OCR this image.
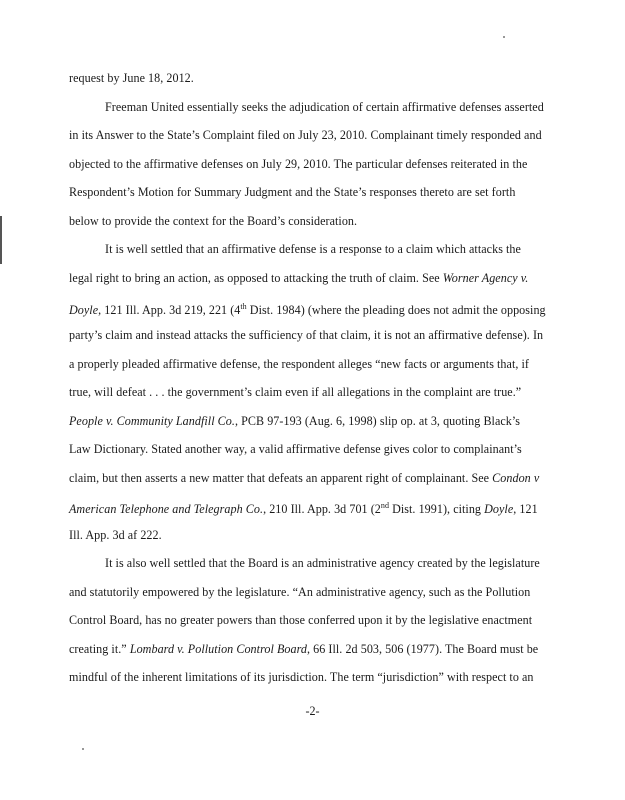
request by June 18, 2012.
Freeman United essentially seeks the adjudication of certain affirmative defenses asserted
in its Answer to the State’s Complaint filed on July 23, 2010. Complainant timely responded and
objected to the affirmative defenses on July 29, 2010. The particular defenses reiterated in the
Respondent’s Motion for Summary Judgment and the State’s responses thereto are set forth
below to provide the context for the Board’s consideration.
It is well settled that an affirmative defense is a response to a claim which attacks the
legal right to bring an action, as opposed to attacking the truth of claim. See Worner Agency v.
Doyle, 121 Ill. App. 3d 219, 221 (4th Dist. 1984) (where the pleading does not admit the opposing
party’s claim and instead attacks the sufficiency of that claim, it is not an affirmative defense). In
a properly pleaded affirmative defense, the respondent alleges “new facts or arguments that, if
true, will defeat . . . the government’s claim even if all allegations in the complaint are true.”
People v. Community Landfill Co., PCB 97-193 (Aug. 6, 1998) slip op. at 3, quoting Black’s
Law Dictionary. Stated another way, a valid affirmative defense gives color to complainant’s
claim, but then asserts a new matter that defeats an apparent right of complainant. See Condon v
American Telephone and Telegraph Co., 210 Ill. App. 3d 701 (2nd Dist. 1991), citing Doyle, 121
Ill. App. 3d af 222.
It is also well settled that the Board is an administrative agency created by the legislature
and statutorily empowered by the legislature. “An administrative agency, such as the Pollution
Control Board, has no greater powers than those conferred upon it by the legislative enactment
creating it.” Lombard v. Pollution Control Board, 66 Ill. 2d 503, 506 (1977). The Board must be
mindful of the inherent limitations of its jurisdiction. The term “jurisdiction” with respect to an
-2-
